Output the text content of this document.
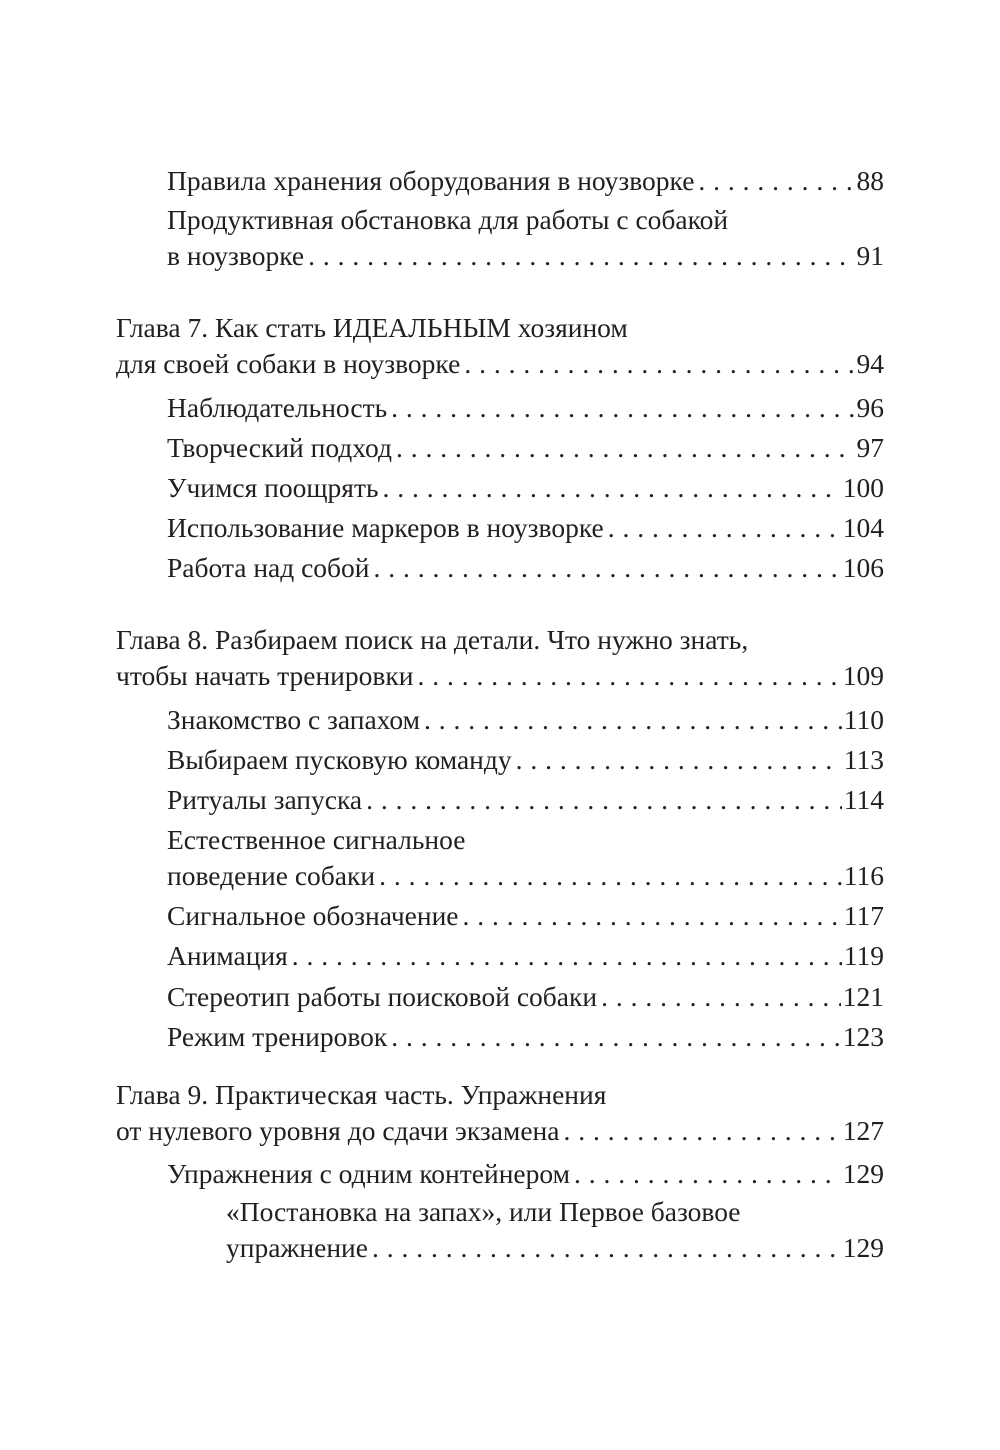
Правила хранения оборудования в ноузворке . . .	88
Продуктивная обстановка для работы с собакой
в ноузворке . . .	91
Глава 7. Как стать ИДЕАЛЬНЫМ хозяином
для своей собаки в ноузворке . . .	94
Наблюдательность . . .	96
Творческий подход . . .	97
Учимся поощрять . . .	100
Использование маркеров в ноузворке . . .	104
Работа над собой . . .	106
Глава 8. Разбираем поиск на детали. Что нужно знать,
чтобы начать тренировки . . .	109
Знакомство с запахом . . .	110
Выбираем пусковую команду . . .	113
Ритуалы запуска . . .	114
Естественное сигнальное
поведение собаки . . .	116
Сигнальное обозначение . . .	117
Анимация . . .	119
Стереотип работы поисковой собаки . . .	121
Режим тренировок . . .	123
Глава 9. Практическая часть. Упражнения
от нулевого уровня до сдачи экзамена . . .	127
Упражнения с одним контейнером . . .	129
«Постановка на запах», или Первое базовое
упражнение . . .	129
